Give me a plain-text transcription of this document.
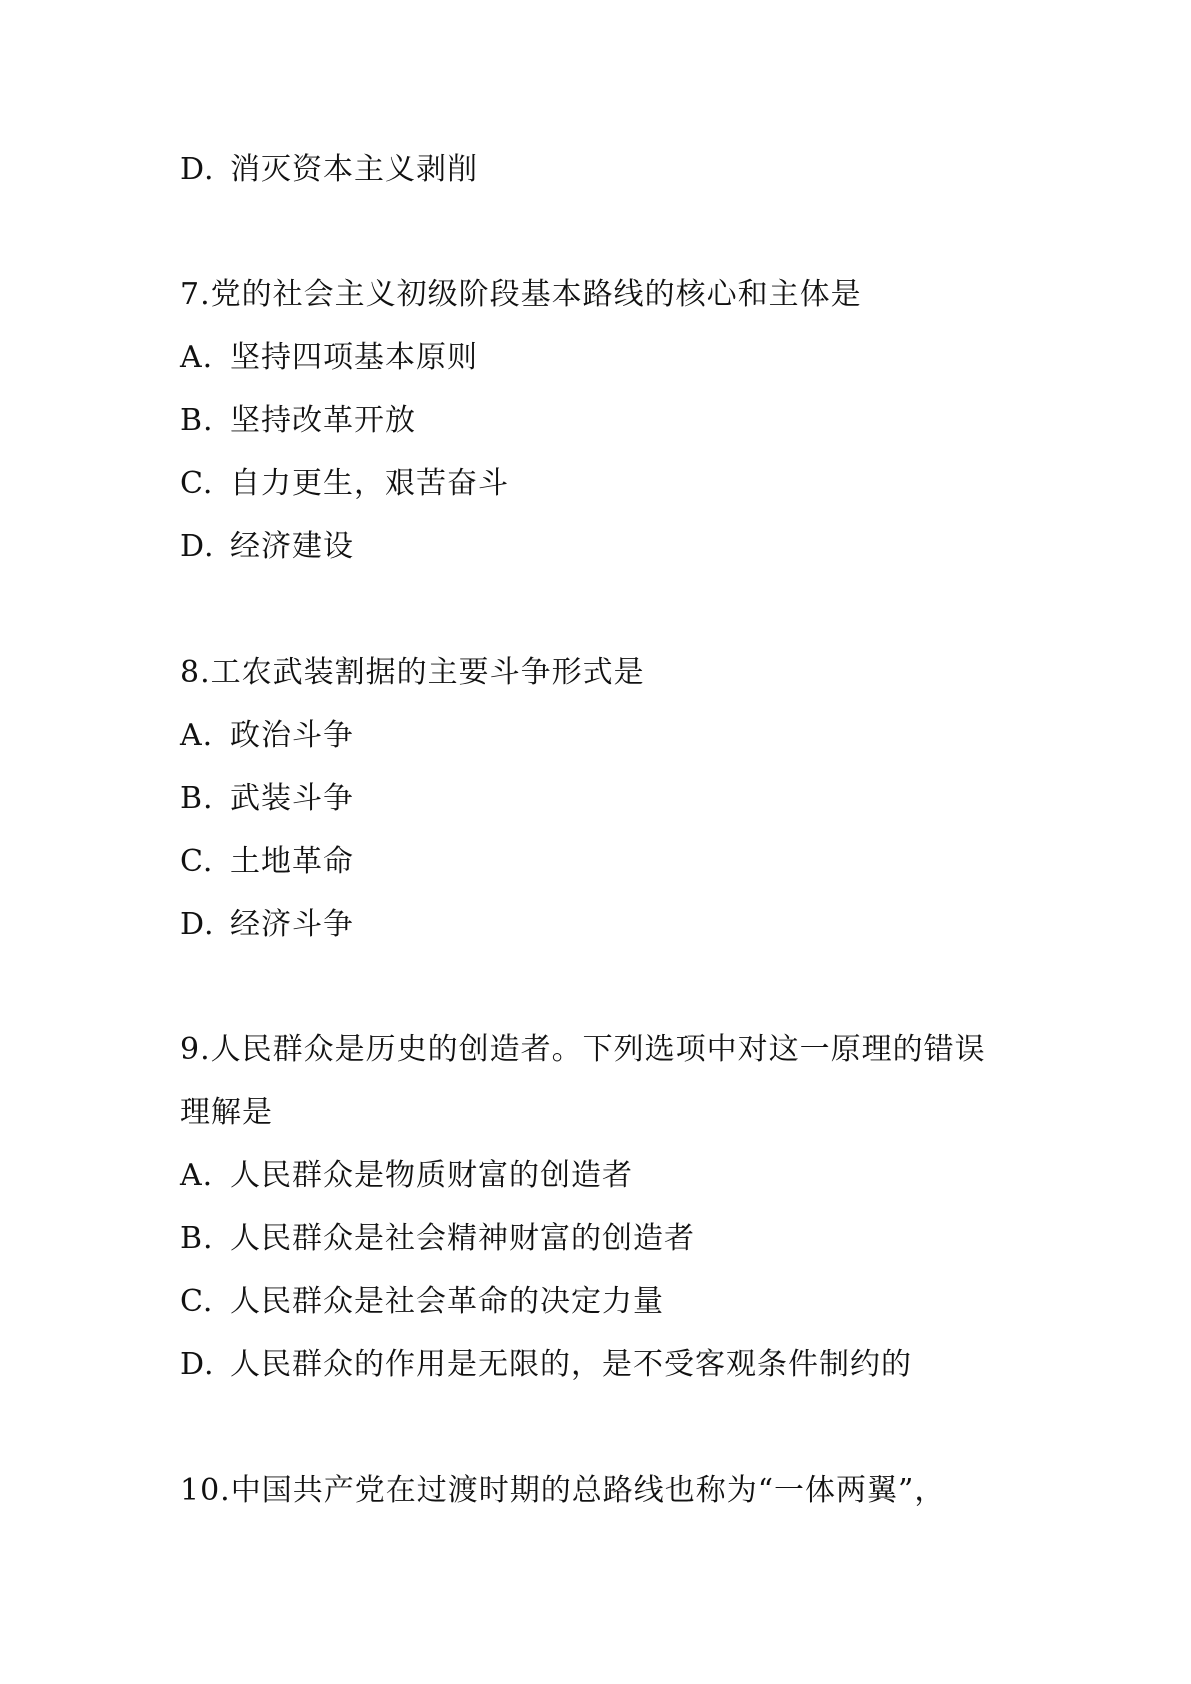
D. 消灭资本主义剥削
7.党的社会主义初级阶段基本路线的核心和主体是
A. 坚持四项基本原则
B. 坚持改革开放
C. 自力更生，艰苦奋斗
D. 经济建设
8.工农武装割据的主要斗争形式是
A. 政治斗争
B. 武装斗争
C. 土地革命
D. 经济斗争
9.人民群众是历史的创造者。下列选项中对这一原理的错误
理解是
A. 人民群众是物质财富的创造者
B. 人民群众是社会精神财富的创造者
C. 人民群众是社会革命的决定力量
D. 人民群众的作用是无限的，是不受客观条件制约的
10.中国共产党在过渡时期的总路线也称为“一体两翼”，
